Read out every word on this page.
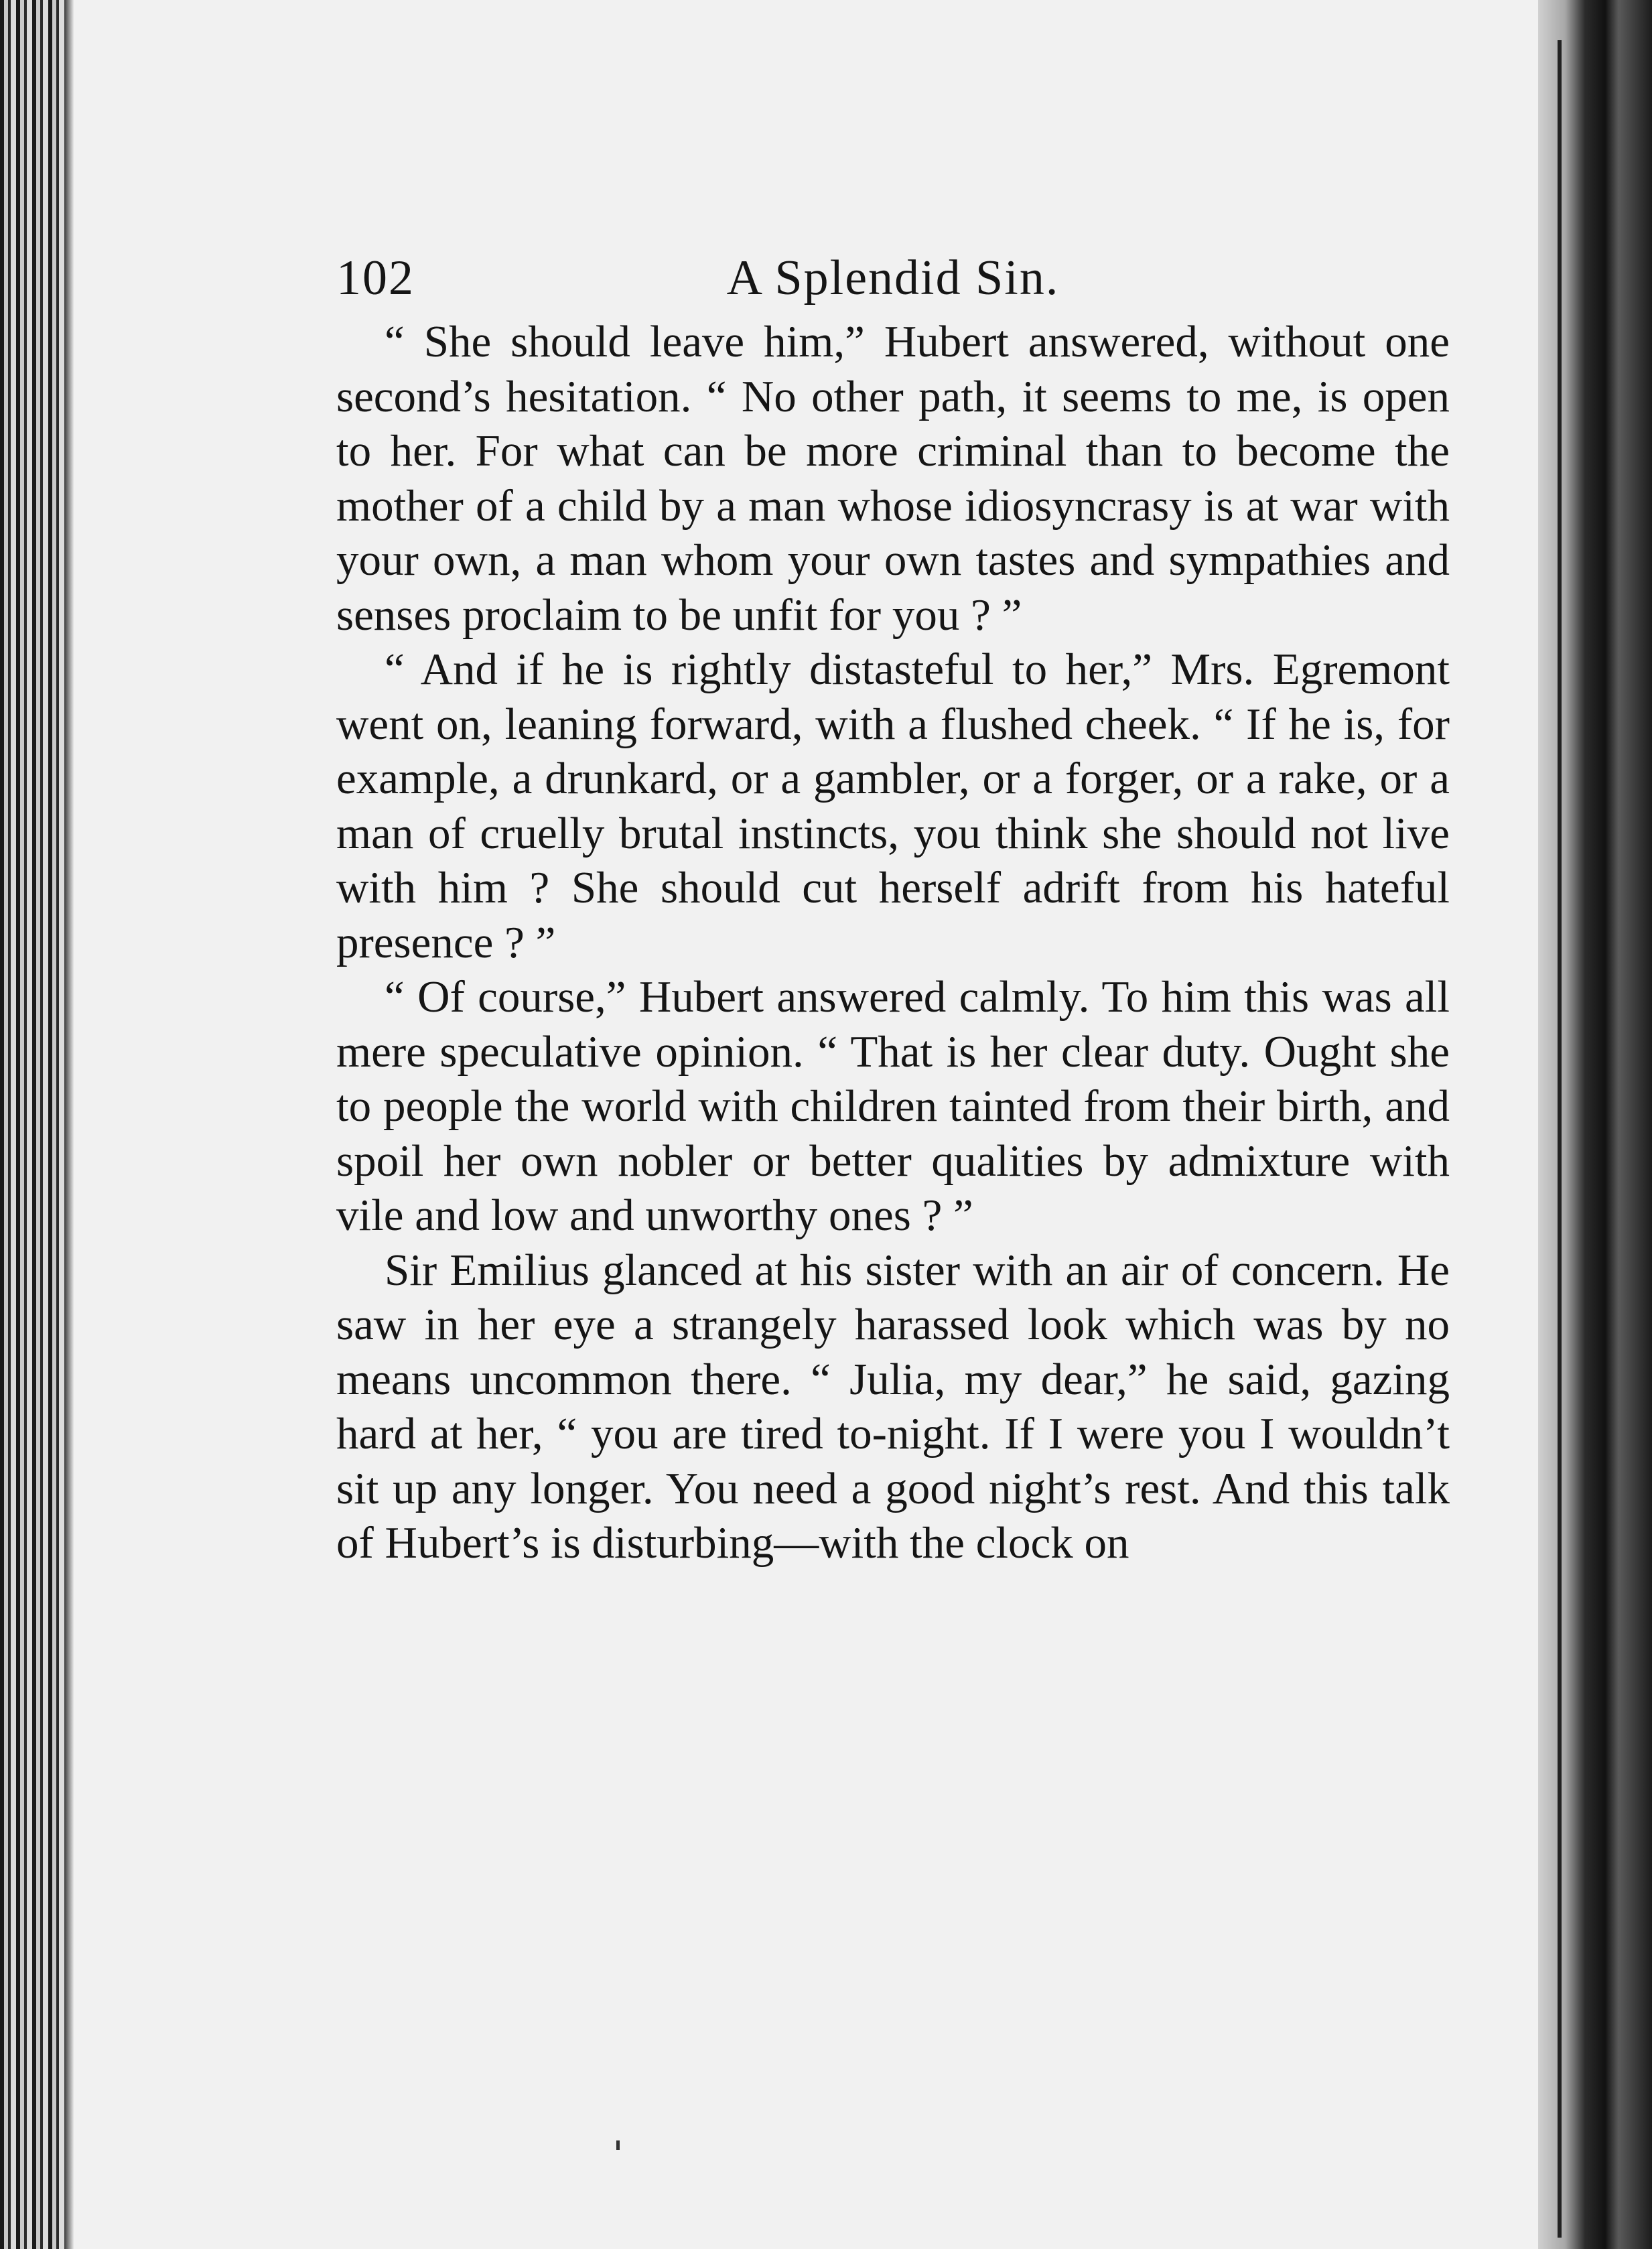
102	A Splendid Sin.

“ She should leave him,” Hubert answered, without one second’s hesitation. “ No other path, it seems to me, is open to her. For what can be more criminal than to become the mother of a child by a man whose idiosyncrasy is at war with your own, a man whom your own tastes and sympathies and senses proclaim to be unfit for you ? ”

“ And if he is rightly distasteful to her,” Mrs. Egremont went on, leaning forward, with a flushed cheek. “ If he is, for example, a drunkard, or a gambler, or a forger, or a rake, or a man of cruelly brutal instincts, you think she should not live with him ? She should cut herself adrift from his hateful presence ? ”

“ Of course,” Hubert answered calmly. To him this was all mere speculative opinion. “ That is her clear duty. Ought she to people the world with children tainted from their birth, and spoil her own nobler or better qualities by admixture with vile and low and unworthy ones ? ”

Sir Emilius glanced at his sister with an air of concern. He saw in her eye a strangely harassed look which was by no means uncommon there. “ Julia, my dear,” he said, gazing hard at her, “ you are tired to-night. If I were you I wouldn’t sit up any longer. You need a good night’s rest. And this talk of Hubert’s is disturbing—with the clock on
